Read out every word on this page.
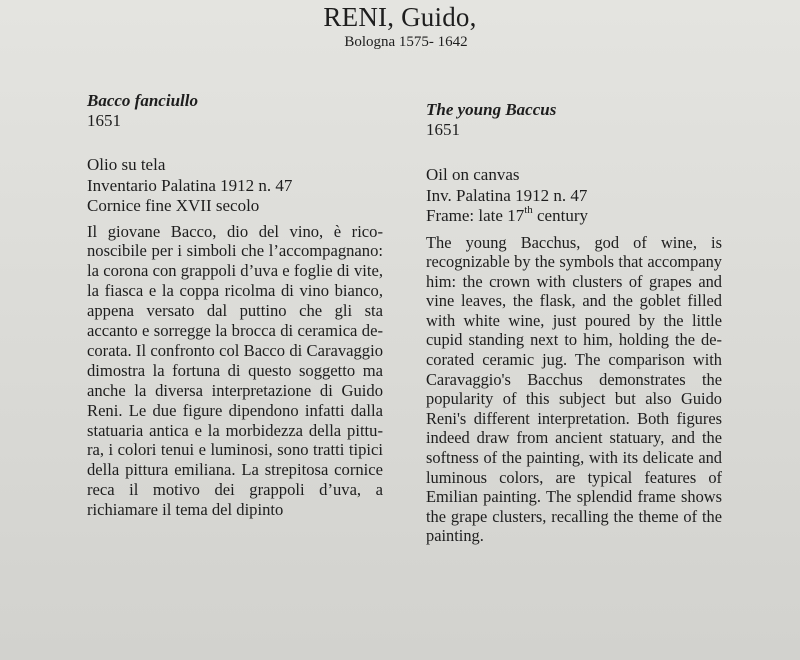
RENI, Guido,
Bologna 1575- 1642
Bacco fanciullo
1651
Olio su tela
Inventario Palatina 1912 n. 47
Cornice fine XVII secolo
Il giovane Bacco, dio del vino, è riconoscibile per i simboli che l’accompagnano: la corona con grappoli d’uva e foglie di vite, la fiasca e la coppa ricolma di vino bianco, appena versato dal puttino che gli sta accanto e sorregge la brocca di ceramica decorata. Il confronto col Bacco di Caravaggio dimostra la fortuna di questo soggetto ma anche la diversa interpretazione di Guido Reni. Le due figure dipendono infatti dalla statuaria antica e la morbidezza della pittura, i colori tenui e luminosi, sono tratti tipici della pittura emiliana. La strepitosa cornice reca il motivo dei grappoli d’uva, a richiamare il tema del dipinto
The young Baccus
1651
Oil on canvas
Inv. Palatina 1912 n. 47
Frame: late 17th century
The young Bacchus, god of wine, is recognizable by the symbols that accompany him: the crown with clusters of grapes and vine leaves, the flask, and the goblet filled with white wine, just poured by the little cupid standing next to him, holding the decorated ceramic jug. The comparison with Caravaggio's Bacchus demonstrates the popularity of this subject but also Guido Reni's different interpretation. Both figures indeed draw from ancient statuary, and the softness of the painting, with its delicate and luminous colors, are typical features of Emilian painting. The splendid frame shows the grape clusters, recalling the theme of the painting.
